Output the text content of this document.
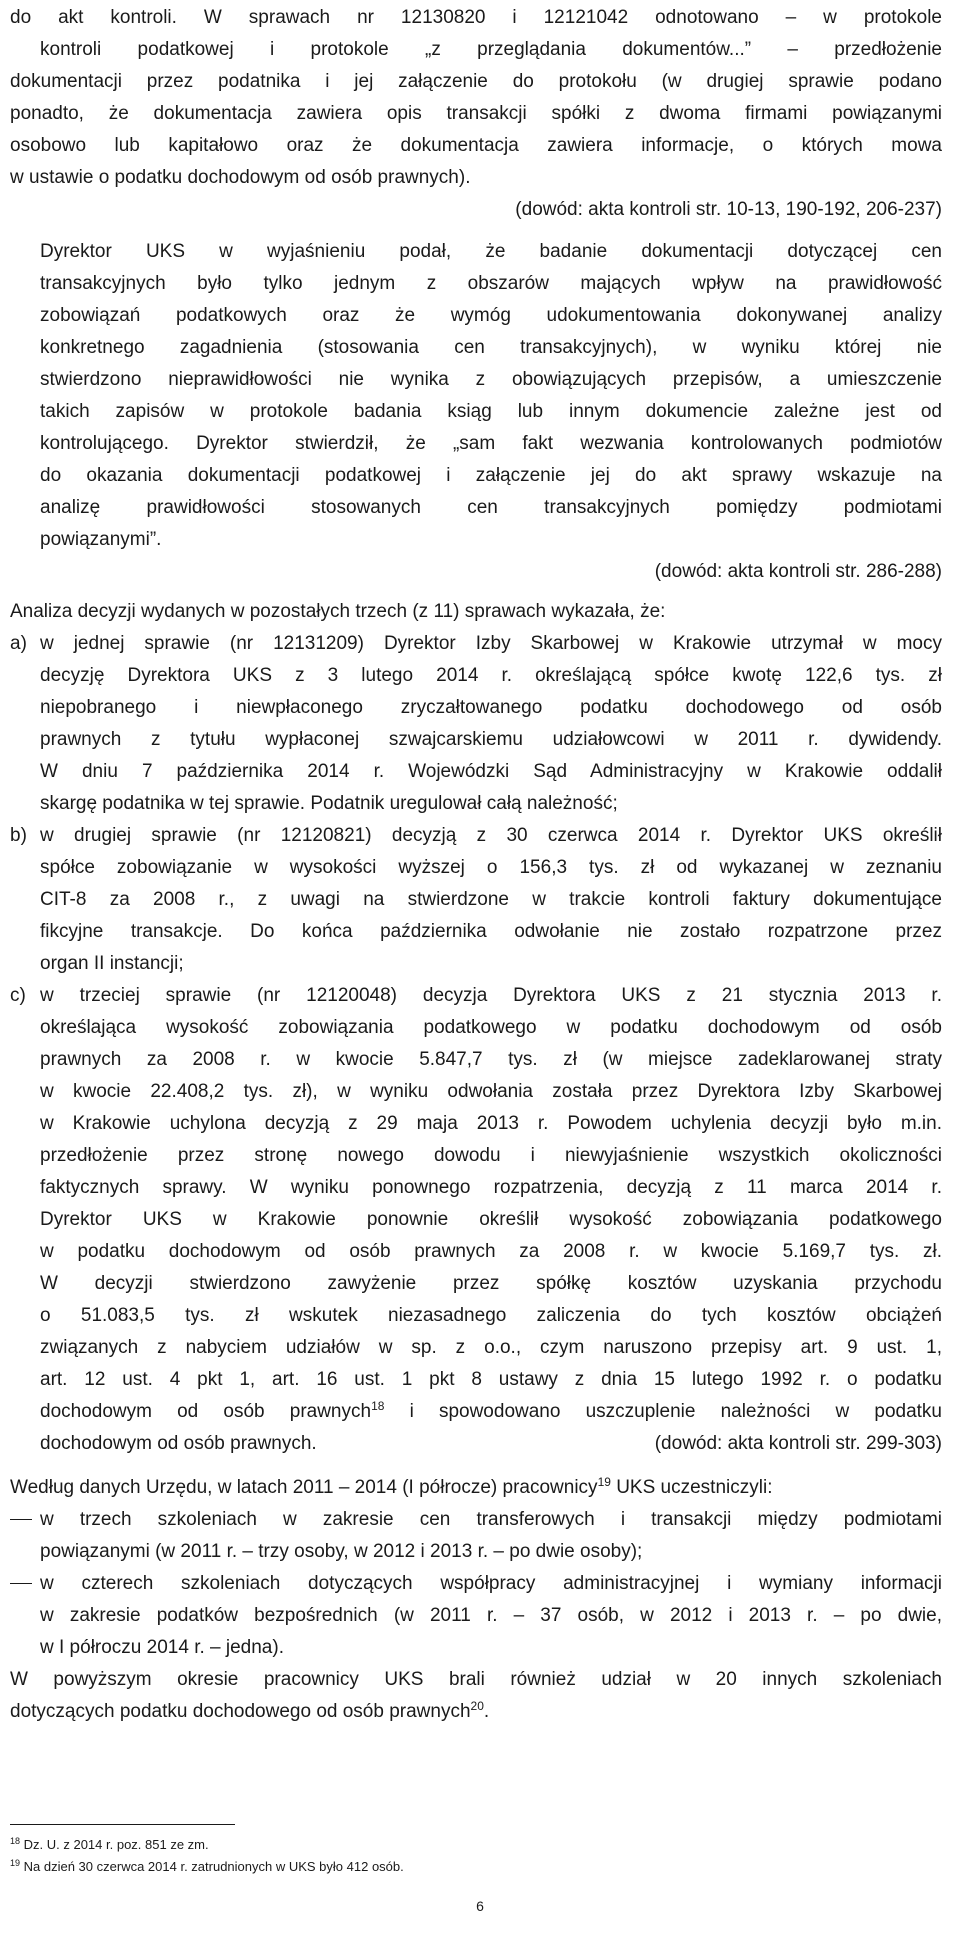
do akt kontroli. W sprawach nr 12130820 i 12121042 odnotowano – w protokole

kontroli podatkowej i protokole „z przeglądania dokumentów...” – przedłożenie

dokumentacji przez podatnika i jej załączenie do protokołu (w drugiej sprawie podano

ponadto, że dokumentacja zawiera opis transakcji spółki z dwoma firmami powiązanymi

osobowo lub kapitałowo oraz że dokumentacja zawiera informacje, o których mowa

w ustawie o podatku dochodowym od osób prawnych).

(dowód: akta kontroli str. 10-13, 190-192, 206-237)

Dyrektor UKS w wyjaśnieniu podał, że badanie dokumentacji dotyczącej cen

transakcyjnych było tylko jednym z obszarów mających wpływ na prawidłowość

zobowiązań podatkowych oraz że wymóg udokumentowania dokonywanej analizy

konkretnego zagadnienia (stosowania cen transakcyjnych), w wyniku której nie

stwierdzono nieprawidłowości nie wynika z obowiązujących przepisów, a umieszczenie

takich zapisów w protokole badania ksiąg lub innym dokumencie zależne jest od

kontrolującego. Dyrektor stwierdził, że „sam fakt wezwania kontrolowanych podmiotów

do okazania dokumentacji podatkowej i załączenie jej do akt sprawy wskazuje na

analizę prawidłowości stosowanych cen transakcyjnych pomiędzy podmiotami

powiązanymi”.

(dowód: akta kontroli str. 286-288)
Analiza decyzji wydanych w pozostałych trzech (z 11) sprawach wykazała, że:
a) w jednej sprawie (nr 12131209) Dyrektor Izby Skarbowej w Krakowie utrzymał w mocy

decyzję Dyrektora UKS z 3 lutego 2014 r. określającą spółce kwotę 122,6 tys. zł

niepobranego i niewpłaconego zryczałtowanego podatku dochodowego od osób

prawnych z tytułu wypłaconej szwajcarskiemu udziałowcowi w 2011 r. dywidendy.

W dniu 7 października 2014 r. Wojewódzki Sąd Administracyjny w Krakowie oddalił

skargę podatnika w tej sprawie. Podatnik uregulował całą należność;

b) w drugiej sprawie (nr 12120821) decyzją z 30 czerwca 2014 r. Dyrektor UKS określił

spółce zobowiązanie w wysokości wyższej o 156,3 tys. zł od wykazanej w zeznaniu

CIT-8 za 2008 r., z uwagi na stwierdzone w trakcie kontroli faktury dokumentujące

fikcyjne transakcje. Do końca października odwołanie nie zostało rozpatrzone przez

organ II instancji;

c) w trzeciej sprawie (nr 12120048) decyzja Dyrektora UKS z 21 stycznia 2013 r.

określająca wysokość zobowiązania podatkowego w podatku dochodowym od osób

prawnych za 2008 r. w kwocie 5.847,7 tys. zł (w miejsce zadeklarowanej straty

w kwocie 22.408,2 tys. zł), w wyniku odwołania została przez Dyrektora Izby Skarbowej

w Krakowie uchylona decyzją z 29 maja 2013 r. Powodem uchylenia decyzji było m.in.

przedłożenie przez stronę nowego dowodu i niewyjaśnienie wszystkich okoliczności

faktycznych sprawy. W wyniku ponownego rozpatrzenia, decyzją z 11 marca 2014 r.

Dyrektor UKS w Krakowie ponownie określił wysokość zobowiązania podatkowego

w podatku dochodowym od osób prawnych za 2008 r. w kwocie 5.169,7 tys. zł.

W decyzji stwierdzono zawyżenie przez spółkę kosztów uzyskania przychodu

o 51.083,5 tys. zł wskutek niezasadnego zaliczenia do tych kosztów obciążeń

związanych z nabyciem udziałów w sp. z o.o., czym naruszono przepisy art. 9 ust. 1,

art. 12 ust. 4 pkt 1, art. 16 ust. 1 pkt 8 ustawy z dnia 15 lutego 1992 r. o podatku

dochodowym od osób prawnych$^{18}$ i spowodowano uszczuplenie należności w podatku

dochodowym od osób prawnych.	(dowód: akta kontroli str. 299-303)
Według danych Urzędu, w latach 2011 – 2014 (I półrocze) pracownicy$^{19}$ UKS uczestniczyli:

w trzech szkoleniach w zakresie cen transferowych i transakcji między podmiotami

powiązanymi (w 2011 r. – trzy osoby, w 2012 i 2013 r. – po dwie osoby);

w czterech szkoleniach dotyczących współpracy administracyjnej i wymiany informacji

w zakresie podatków bezpośrednich (w 2011 r. – 37 osób, w 2012 i 2013 r. – po dwie,

w I półroczu 2014 r. – jedna).

W powyższym okresie pracownicy UKS brali również udział w 20 innych szkoleniach

dotyczących podatku dochodowego od osób prawnych$^{20}$.

$^{18}$ Dz. U. z 2014 r. poz. 851 ze zm.
$^{19}$ Na dzień 30 czerwca 2014 r. zatrudnionych w UKS było 412 osób.
6
